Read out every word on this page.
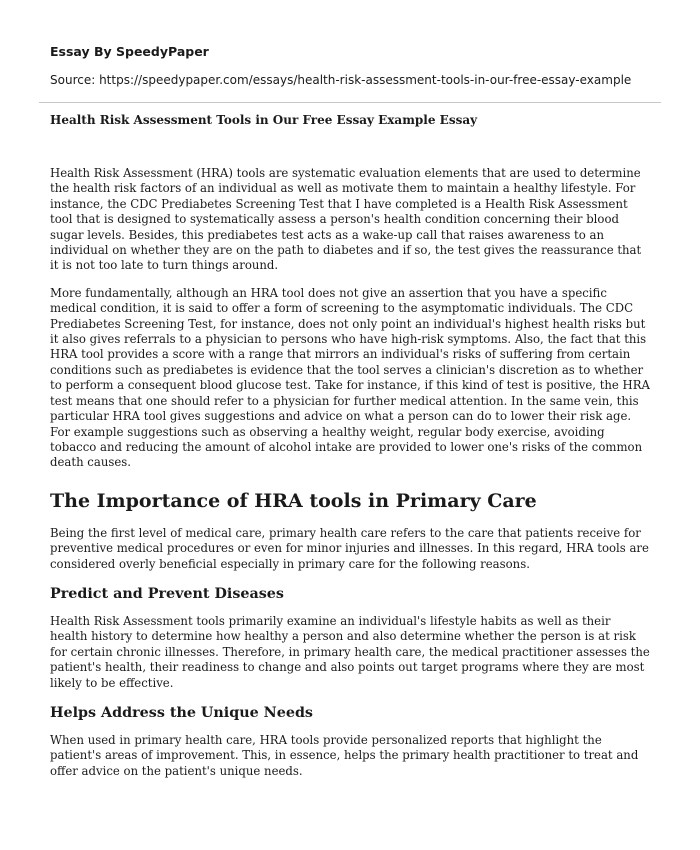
Essay By SpeedyPaper

Source: https://speedypaper.com/essays/health-risk-assessment-tools-in-our-free-essay-example

Health Risk Assessment Tools in Our Free Essay Example Essay

Health Risk Assessment (HRA) tools are systematic evaluation elements that are used to determine the health risk factors of an individual as well as motivate them to maintain a healthy lifestyle. For instance, the CDC Prediabetes Screening Test that I have completed is a Health Risk Assessment tool that is designed to systematically assess a person's health condition concerning their blood sugar levels. Besides, this prediabetes test acts as a wake-up call that raises awareness to an individual on whether they are on the path to diabetes and if so, the test gives the reassurance that it is not too late to turn things around.

More fundamentally, although an HRA tool does not give an assertion that you have a specific medical condition, it is said to offer a form of screening to the asymptomatic individuals. The CDC Prediabetes Screening Test, for instance, does not only point an individual's highest health risks but it also gives referrals to a physician to persons who have high-risk symptoms. Also, the fact that this HRA tool provides a score with a range that mirrors an individual's risks of suffering from certain conditions such as prediabetes is evidence that the tool serves a clinician's discretion as to whether to perform a consequent blood glucose test. Take for instance, if this kind of test is positive, the HRA test means that one should refer to a physician for further medical attention. In the same vein, this particular HRA tool gives suggestions and advice on what a person can do to lower their risk age. For example suggestions such as observing a healthy weight, regular body exercise, avoiding tobacco and reducing the amount of alcohol intake are provided to lower one's risks of the common death causes.

The Importance of HRA tools in Primary Care

Being the first level of medical care, primary health care refers to the care that patients receive for preventive medical procedures or even for minor injuries and illnesses. In this regard, HRA tools are considered overly beneficial especially in primary care for the following reasons.

Predict and Prevent Diseases

Health Risk Assessment tools primarily examine an individual's lifestyle habits as well as their health history to determine how healthy a person and also determine whether the person is at risk for certain chronic illnesses. Therefore, in primary health care, the medical practitioner assesses the patient's health, their readiness to change and also points out target programs where they are most likely to be effective.

Helps Address the Unique Needs

When used in primary health care, HRA tools provide personalized reports that highlight the patient's areas of improvement. This, in essence, helps the primary health practitioner to treat and offer advice on the patient's unique needs.
